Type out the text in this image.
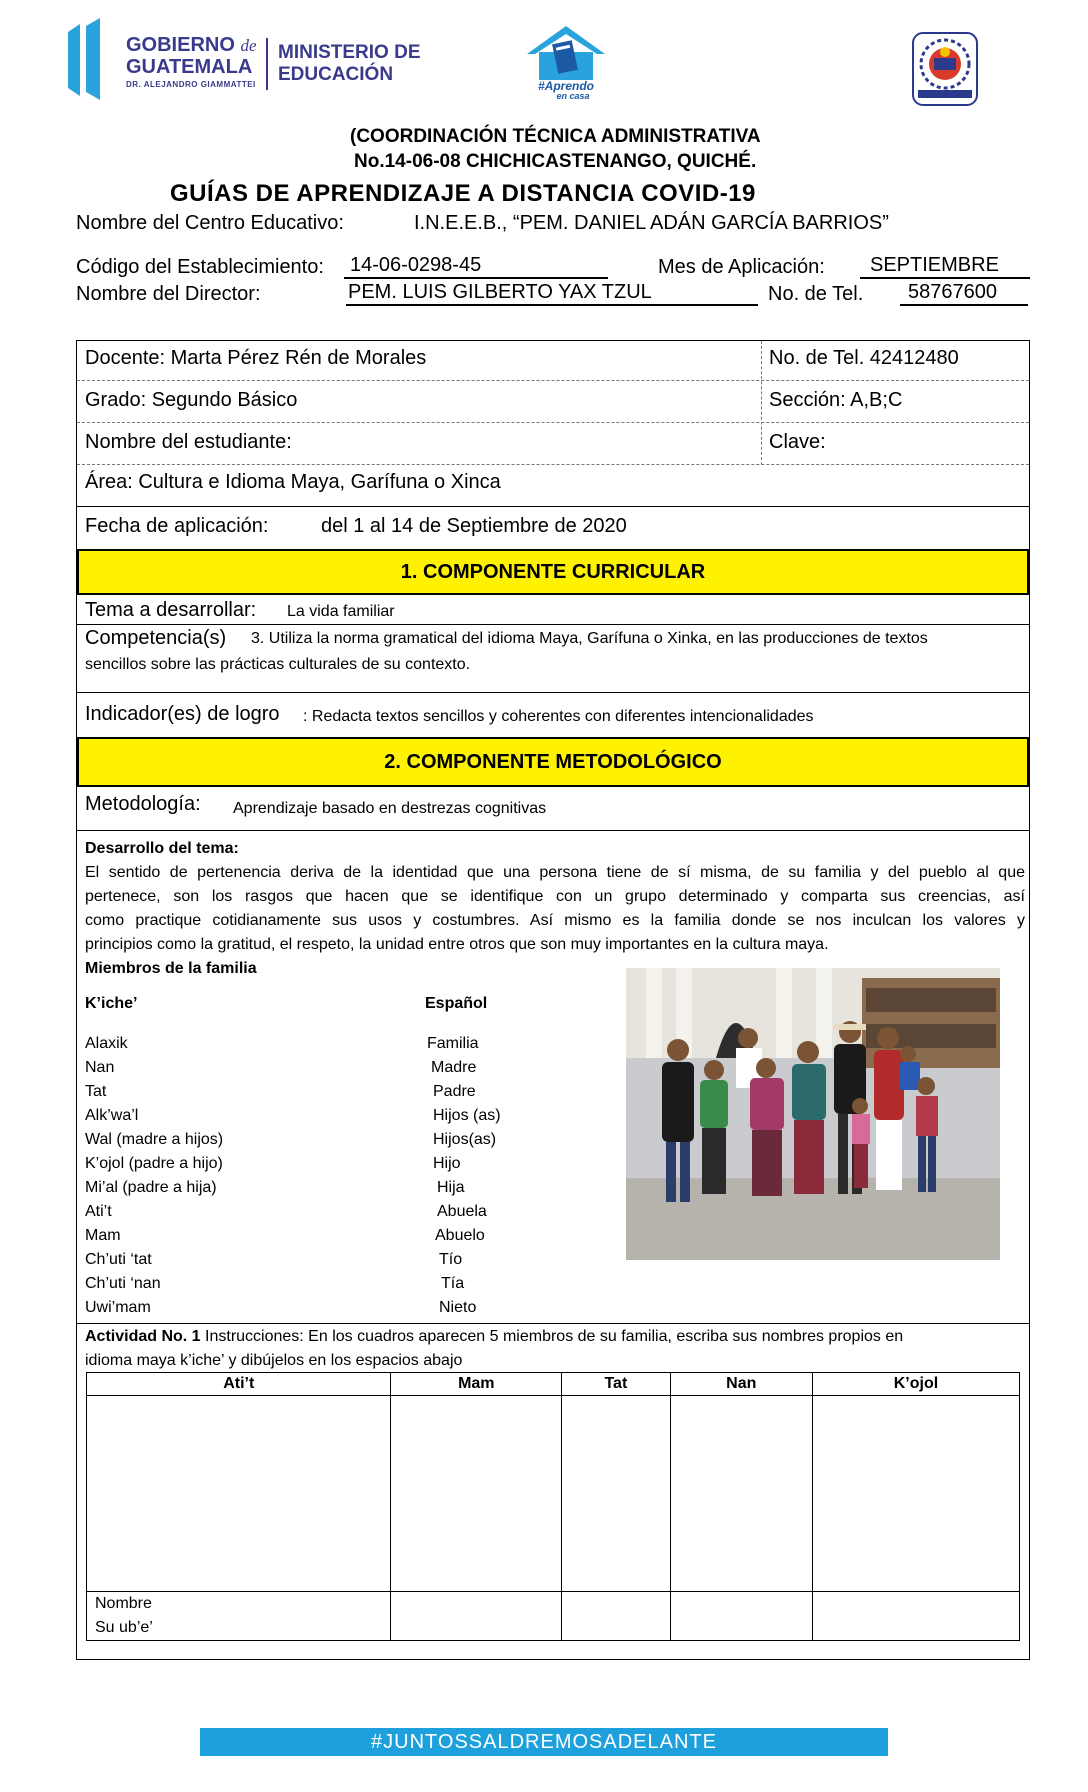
GOBIERNO de
GUATEMALA
DR. ALEJANDRO GIAMMATTEI
MINISTERIO DE
EDUCACIÓN
#Aprendo
en casa
(COORDINACIÓN TÉCNICA ADMINISTRATIVA
No.14-06-08 CHICHICASTENANGO, QUICHÉ.
GUÍAS DE APRENDIZAJE A DISTANCIA COVID-19
Nombre del Centro Educativo:	I.N.E.E.B., “PEM. DANIEL ADÁN GARCÍA BARRIOS”
Código del Establecimiento:	14-06-0298-45	Mes de Aplicación:	SEPTIEMBRE
Nombre del Director:	PEM. LUIS GILBERTO YAX TZUL	No. de Tel.	58767600
Docente: Marta Pérez Rén de Morales	No. de Tel. 42412480
Grado: Segundo Básico	Sección: A,B;C
Nombre del estudiante:	Clave:
Área: Cultura e Idioma Maya, Garífuna o Xinca
Fecha de aplicación:	del 1 al 14 de Septiembre de 2020
1. COMPONENTE CURRICULAR
Tema a desarrollar: La vida familiar
Competencia(s) 3. Utiliza la norma gramatical del idioma Maya, Garífuna o Xinka, en las producciones de textos
sencillos sobre las prácticas culturales de su contexto.
Indicador(es) de logro : Redacta textos sencillos y coherentes con diferentes intencionalidades
2. COMPONENTE METODOLÓGICO
Metodología: Aprendizaje basado en destrezas cognitivas
Desarrollo del tema:
El sentido de pertenencia deriva de la identidad que una persona tiene de sí misma, de su familia y del pueblo al que
pertenece, son los rasgos que hacen que se identifique con un grupo determinado y comparta sus creencias, así
como practique cotidianamente sus usos y costumbres. Así mismo es la familia donde se nos inculcan los valores y
principios como la gratitud, el respeto, la unidad entre otros que son muy importantes en la cultura maya.
Miembros de la familia
K’iche’	Español
Alaxik	Familia
Nan	Madre
Tat	Padre
Alk’wa’l	Hijos (as)
Wal (madre a hijos)	Hijos(as)
K’ojol (padre a hijo)	Hijo
Mi’al (padre a hija)	Hija
Ati’t	Abuela
Mam	Abuelo
Ch’uti ‘tat	Tío
Ch’uti ‘nan	Tía
Uwi’mam	Nieto
Actividad No. 1 Instrucciones: En los cuadros aparecen 5 miembros de su familia, escriba sus nombres propios en
idioma maya k’iche’ y dibújelos en los espacios abajo
Ati’t	Mam	Tat	Nan	K’ojol

Nombre
Su ub’e’				

#JUNTOSSALDREMOSADELANTE
